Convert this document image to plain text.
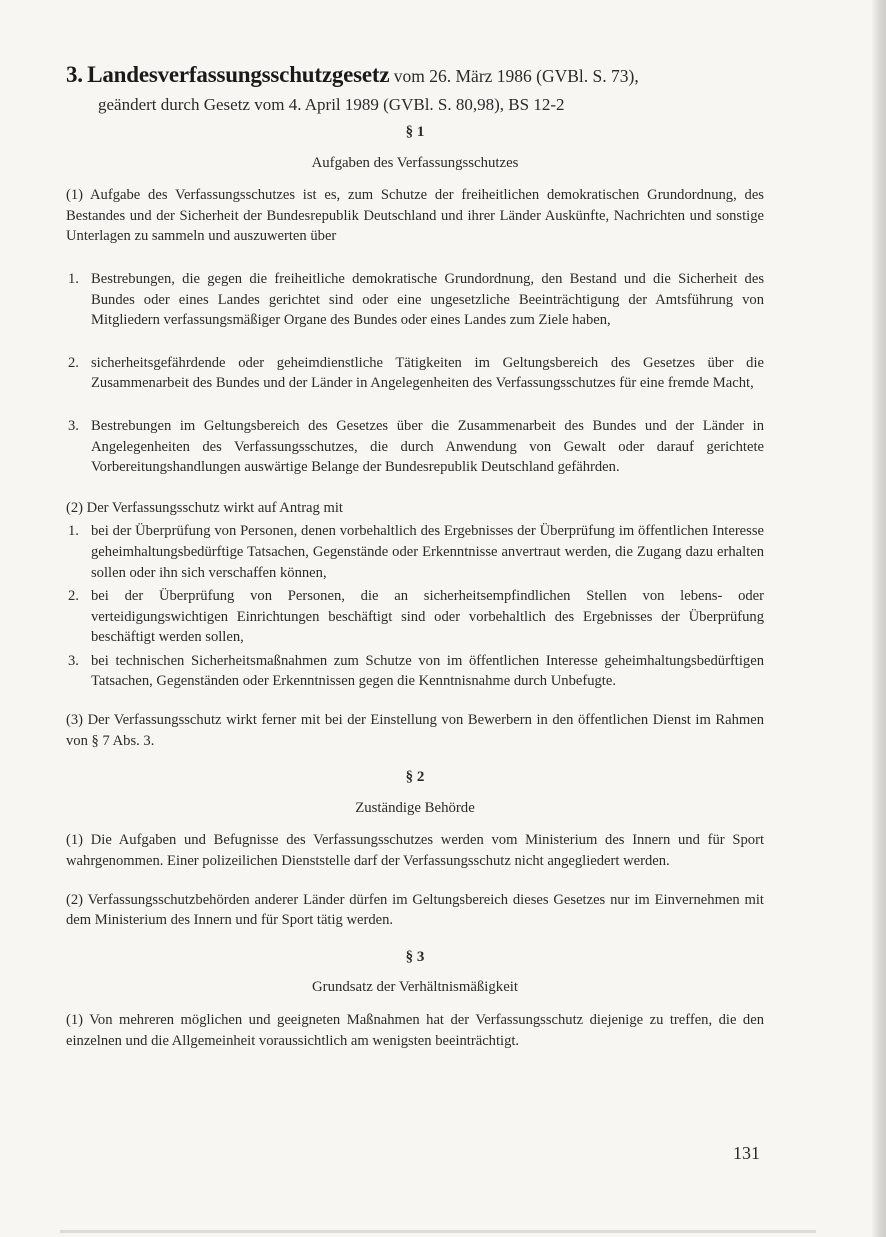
3. Landesverfassungsschutzgesetz vom 26. März 1986 (GVBl. S. 73),
geändert durch Gesetz vom 4. April 1989 (GVBl. S. 80,98), BS 12-2
§ 1
Aufgaben des Verfassungsschutzes

(1) Aufgabe des Verfassungsschutzes ist es, zum Schutze der freiheitlichen demokratischen Grundordnung, des Bestandes und der Sicherheit der Bundesrepublik Deutschland und ihrer Länder Auskünfte, Nachrichten und sonstige Unterlagen zu sammeln und auszuwerten über

1. Bestrebungen, die gegen die freiheitliche demokratische Grundordnung, den Bestand und die Sicherheit des Bundes oder eines Landes gerichtet sind oder eine ungesetzliche Beeinträchtigung der Amtsführung von Mitgliedern verfassungsmäßiger Organe des Bundes oder eines Landes zum Ziele haben,
2. sicherheitsgefährdende oder geheimdienstliche Tätigkeiten im Geltungsbereich des Gesetzes über die Zusammenarbeit des Bundes und der Länder in Angelegenheiten des Verfassungsschutzes für eine fremde Macht,
3. Bestrebungen im Geltungsbereich des Gesetzes über die Zusammenarbeit des Bundes und der Länder in Angelegenheiten des Verfassungsschutzes, die durch Anwendung von Gewalt oder darauf gerichtete Vorbereitungshandlungen auswärtige Belange der Bundesrepublik Deutschland gefährden.

(2) Der Verfassungsschutz wirkt auf Antrag mit

1. bei der Überprüfung von Personen, denen vorbehaltlich des Ergebnisses der Überprüfung im öffentlichen Interesse geheimhaltungsbedürftige Tatsachen, Gegenstände oder Erkenntnisse anvertraut werden, die Zugang dazu erhalten sollen oder ihn sich verschaffen können,
2. bei der Überprüfung von Personen, die an sicherheitsempfindlichen Stellen von lebens- oder verteidigungswichtigen Einrichtungen beschäftigt sind oder vorbehaltlich des Ergebnisses der Überprüfung beschäftigt werden sollen,
3. bei technischen Sicherheitsmaßnahmen zum Schutze von im öffentlichen Interesse geheimhaltungsbedürftigen Tatsachen, Gegenständen oder Erkenntnissen gegen die Kenntnisnahme durch Unbefugte.

(3) Der Verfassungsschutz wirkt ferner mit bei der Einstellung von Bewerbern in den öffentlichen Dienst im Rahmen von § 7 Abs. 3.

§ 2
Zuständige Behörde

(1) Die Aufgaben und Befugnisse des Verfassungsschutzes werden vom Ministerium des Innern und für Sport wahrgenommen. Einer polizeilichen Dienststelle darf der Verfassungsschutz nicht angegliedert werden.

(2) Verfassungsschutzbehörden anderer Länder dürfen im Geltungsbereich dieses Gesetzes nur im Einvernehmen mit dem Ministerium des Innern und für Sport tätig werden.

§ 3
Grundsatz der Verhältnismäßigkeit

(1) Von mehreren möglichen und geeigneten Maßnahmen hat der Verfassungsschutz diejenige zu treffen, die den einzelnen und die Allgemeinheit voraussichtlich am wenigsten beeinträchtigt.

131
